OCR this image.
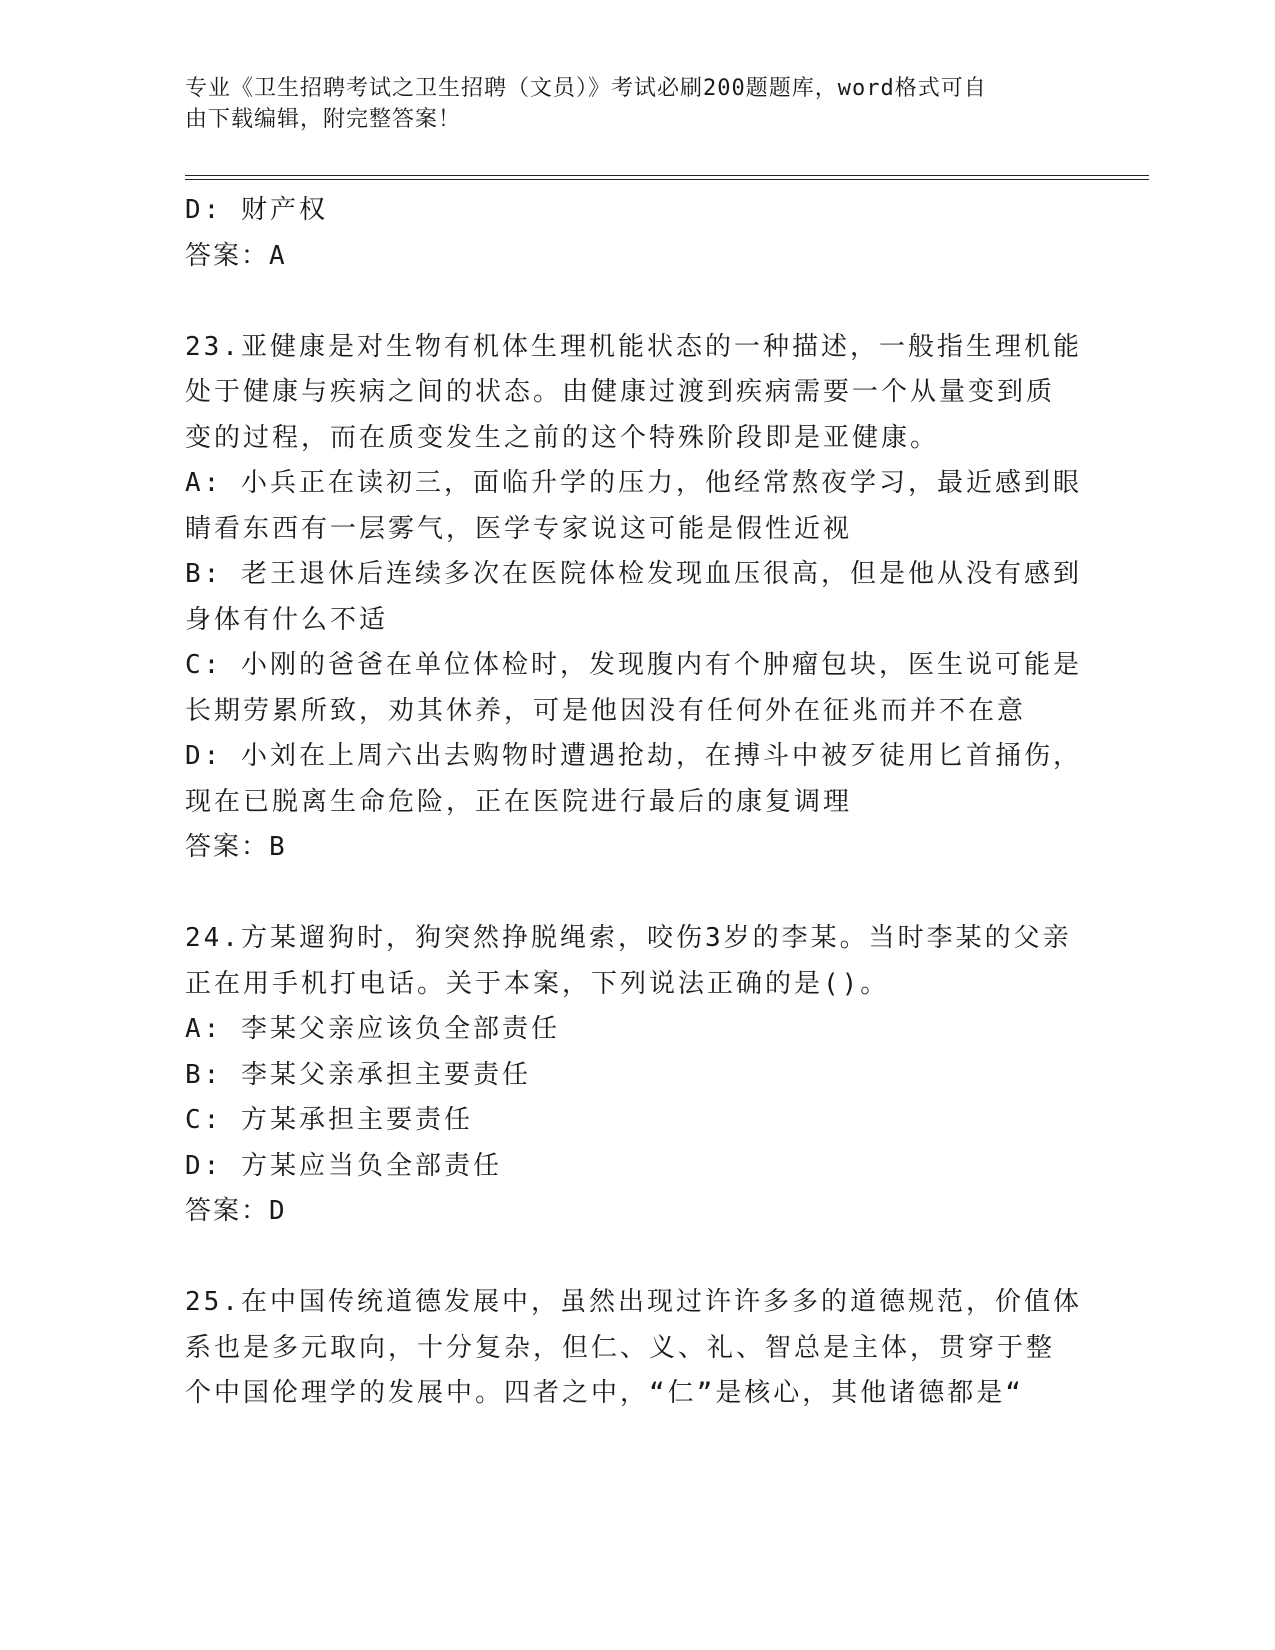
专业《卫生招聘考试之卫生招聘（文员）》考试必刷200题题库，word格式可自
由下载编辑，附完整答案！
D: 财产权
答案：A
23.亚健康是对生物有机体生理机能状态的一种描述，一般指生理机能
处于健康与疾病之间的状态。由健康过渡到疾病需要一个从量变到质
变的过程，而在质变发生之前的这个特殊阶段即是亚健康。
A: 小兵正在读初三，面临升学的压力，他经常熬夜学习，最近感到眼
睛看东西有一层雾气，医学专家说这可能是假性近视
B: 老王退休后连续多次在医院体检发现血压很高，但是他从没有感到
身体有什么不适
C: 小刚的爸爸在单位体检时，发现腹内有个肿瘤包块，医生说可能是
长期劳累所致，劝其休养，可是他因没有任何外在征兆而并不在意
D: 小刘在上周六出去购物时遭遇抢劫，在搏斗中被歹徒用匕首捅伤，
现在已脱离生命危险，正在医院进行最后的康复调理
答案：B
24.方某遛狗时，狗突然挣脱绳索，咬伤3岁的李某。当时李某的父亲
正在用手机打电话。关于本案，下列说法正确的是()。
A: 李某父亲应该负全部责任
B: 李某父亲承担主要责任
C: 方某承担主要责任
D: 方某应当负全部责任
答案：D
25.在中国传统道德发展中，虽然出现过许许多多的道德规范，价值体
系也是多元取向，十分复杂，但仁、义、礼、智总是主体，贯穿于整
个中国伦理学的发展中。四者之中，“仁”是核心，其他诸德都是“
